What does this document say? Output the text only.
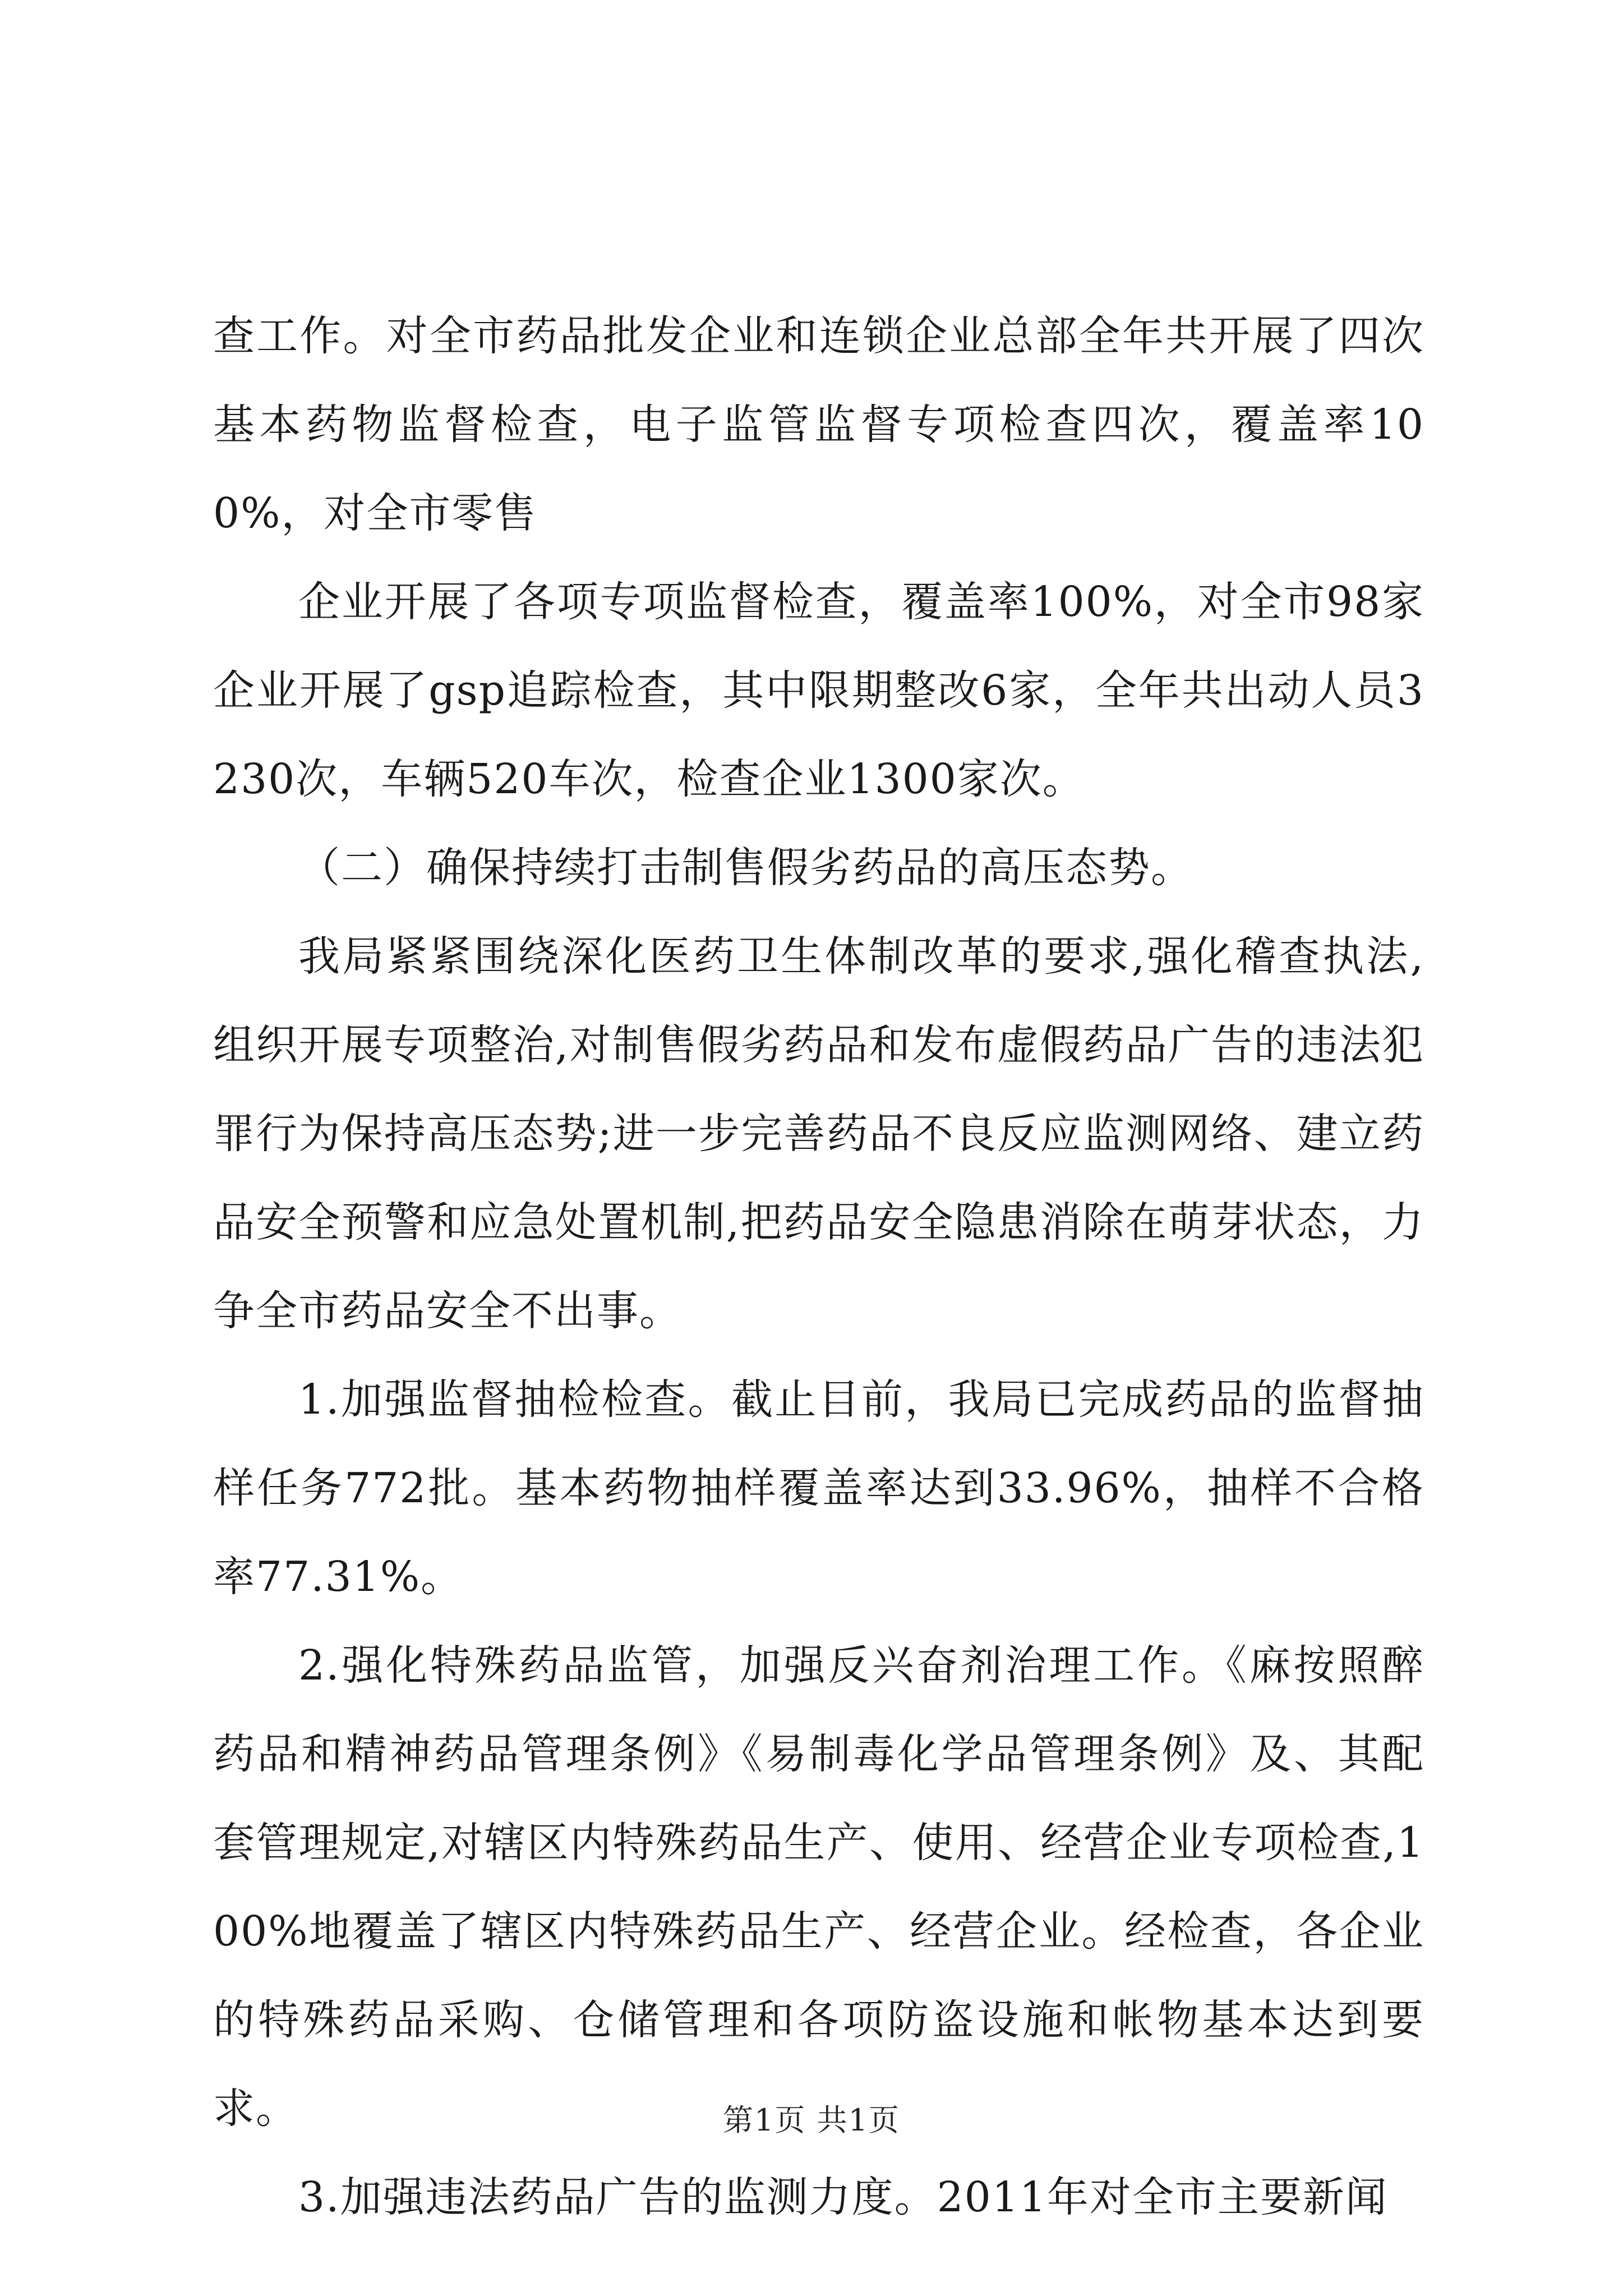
查工作。对全市药品批发企业和连锁企业总部全年共开展了四次基本药物监督检查，电子监管监督专项检查四次，覆盖率100%，对全市零售

企业开展了各项专项监督检查，覆盖率100%，对全市98家企业开展了gsp追踪检查，其中限期整改6家，全年共出动人员3230次，车辆520车次，检查企业1300家次。

（二）确保持续打击制售假劣药品的高压态势。

我局紧紧围绕深化医药卫生体制改革的要求,强化稽查执法,组织开展专项整治,对制售假劣药品和发布虚假药品广告的违法犯罪行为保持高压态势;进一步完善药品不良反应监测网络、建立药品安全预警和应急处置机制,把药品安全隐患消除在萌芽状态，力争全市药品安全不出事。

1.加强监督抽检检查。截止目前，我局已完成药品的监督抽样任务772批。基本药物抽样覆盖率达到33.96%，抽样不合格率77.31%。

2.强化特殊药品监管，加强反兴奋剂治理工作。《麻按照醉药品和精神药品管理条例》《易制毒化学品管理条例》及、其配套管理规定,对辖区内特殊药品生产、使用、经营企业专项检查,100%地覆盖了辖区内特殊药品生产、经营企业。经检查，各企业的特殊药品采购、仓储管理和各项防盗设施和帐物基本达到要求。

3.加强违法药品广告的监测力度。2011年对全市主要新闻

第1页 共1页
